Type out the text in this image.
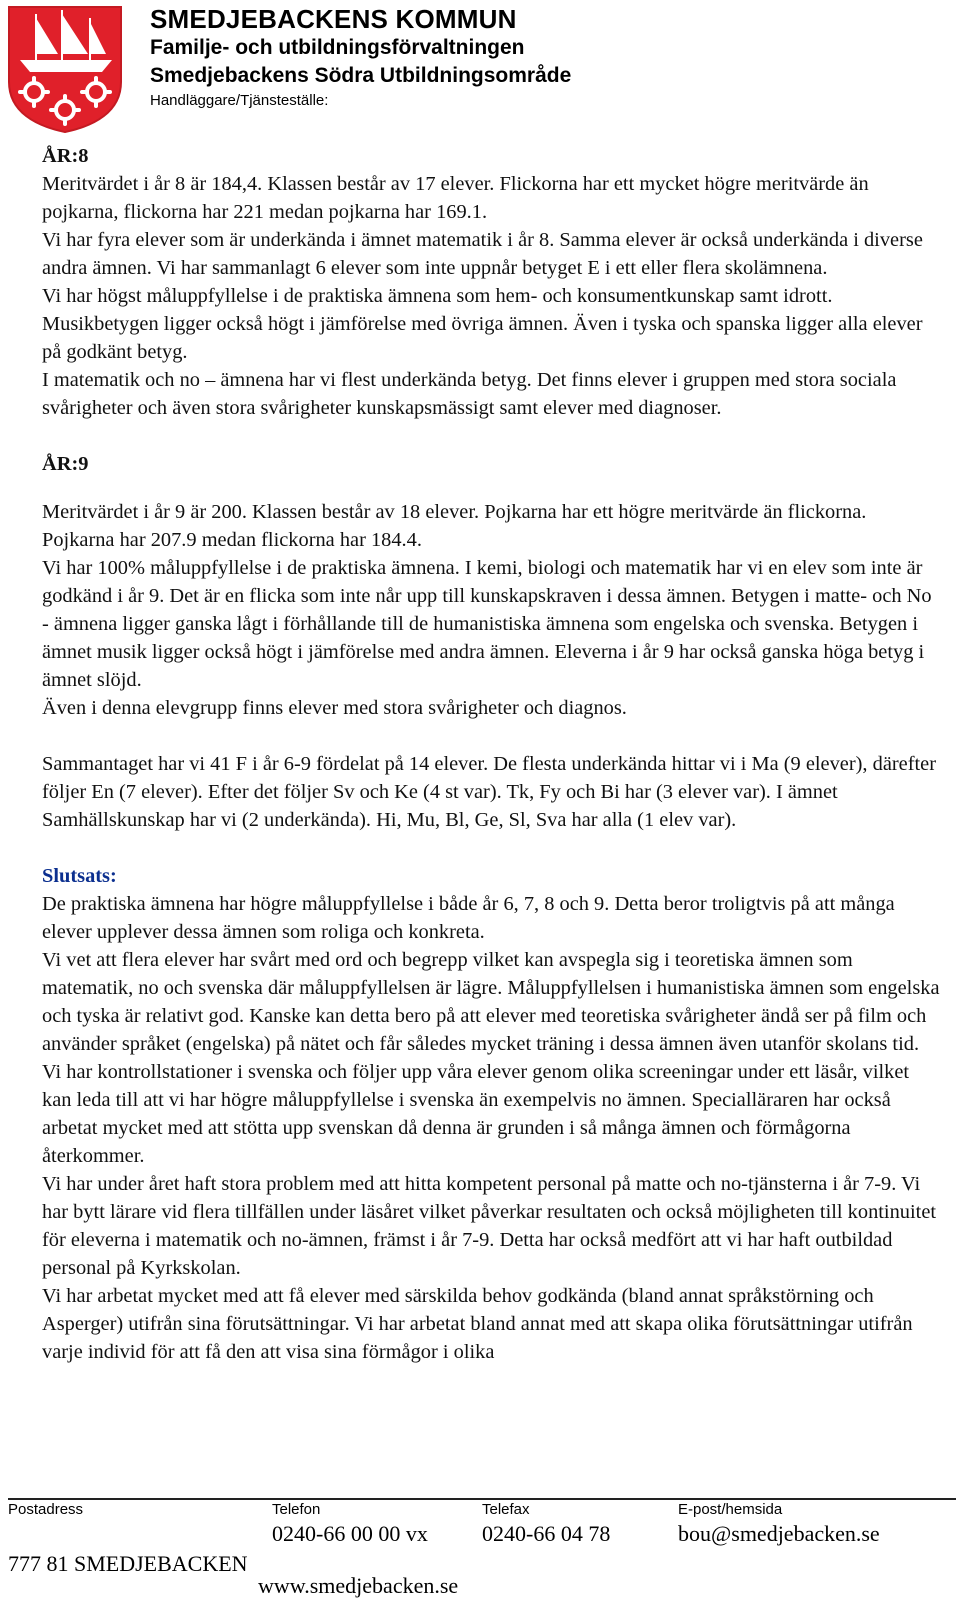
SMEDJEBACKENS KOMMUN
Familje- och utbildningsförvaltningen
Smedjebackens Södra Utbildningsområde
Handläggare/Tjänsteställe:

ÅR:8

Meritvärdet i år 8 är 184,4. Klassen består av 17 elever. Flickorna har ett mycket högre meritvärde än pojkarna, flickorna har 221 medan pojkarna har 169.1.

Vi har fyra elever som är underkända i ämnet matematik i år 8. Samma elever är också underkända i diverse andra ämnen. Vi har sammanlagt 6 elever som inte uppnår betyget E i ett eller flera skolämnena.

Vi har högst måluppfyllelse i de praktiska ämnena som hem- och konsumentkunskap samt idrott. Musikbetygen ligger också högt i jämförelse med övriga ämnen. Även i tyska och spanska ligger alla elever på godkänt betyg.

I matematik och no – ämnena har vi flest underkända betyg. Det finns elever i gruppen med stora sociala svårigheter och även stora svårigheter kunskapsmässigt samt elever med diagnoser.

ÅR:9

Meritvärdet i år 9 är 200. Klassen består av 18 elever. Pojkarna har ett högre meritvärde än flickorna. Pojkarna har 207.9 medan flickorna har 184.4.

Vi har 100% måluppfyllelse i de praktiska ämnena. I kemi, biologi och matematik har vi en elev som inte är godkänd i år 9. Det är en flicka som inte når upp till kunskapskraven i dessa ämnen. Betygen i matte- och No - ämnena ligger ganska lågt i förhållande till de humanistiska ämnena som engelska och svenska. Betygen i ämnet musik ligger också högt i jämförelse med andra ämnen. Eleverna i år 9 har också ganska höga betyg i ämnet slöjd.

Även i denna elevgrupp finns elever med stora svårigheter och diagnos.

Sammantaget har vi 41 F i år 6-9 fördelat på 14 elever. De flesta underkända hittar vi i Ma (9 elever), därefter följer En (7 elever). Efter det följer Sv och Ke (4 st var). Tk, Fy och Bi har (3 elever var). I ämnet Samhällskunskap har vi (2 underkända). Hi, Mu, Bl, Ge, Sl, Sva har alla (1 elev var).

Slutsats:

De praktiska ämnena har högre måluppfyllelse i både år 6, 7, 8 och 9. Detta beror troligtvis på att många elever upplever dessa ämnen som roliga och konkreta.

Vi vet att flera elever har svårt med ord och begrepp vilket kan avspegla sig i teoretiska ämnen som matematik, no och svenska där måluppfyllelsen är lägre. Måluppfyllelsen i humanistiska ämnen som engelska och tyska är relativt god. Kanske kan detta bero på att elever med teoretiska svårigheter ändå ser på film och använder språket (engelska) på nätet och får således mycket träning i dessa ämnen även utanför skolans tid.

Vi har kontrollstationer i svenska och följer upp våra elever genom olika screeningar under ett läsår, vilket kan leda till att vi har högre måluppfyllelse i svenska än exempelvis no ämnen. Specialläraren har också arbetat mycket med att stötta upp svenskan då denna är grunden i så många ämnen och förmågorna återkommer.

Vi har under året haft stora problem med att hitta kompetent personal på matte och no-tjänsterna i år 7-9. Vi har bytt lärare vid flera tillfällen under läsåret vilket påverkar resultaten och också möjligheten till kontinuitet för eleverna i matematik och no-ämnen, främst i år 7-9. Detta har också medfört att vi har haft outbildad personal på Kyrkskolan.

Vi har arbetat mycket med att få elever med särskilda behov godkända (bland annat språkstörning och Asperger) utifrån sina förutsättningar. Vi har arbetat bland annat med att skapa olika förutsättningar utifrån varje individ för att få den att visa sina förmågor i olika

Postadress
777 81 SMEDJEBACKEN
Telefon
0240-66 00 00 vx
www.smedjebacken.se
Telefax
0240-66 04 78
E-post/hemsida
bou@smedjebacken.se
